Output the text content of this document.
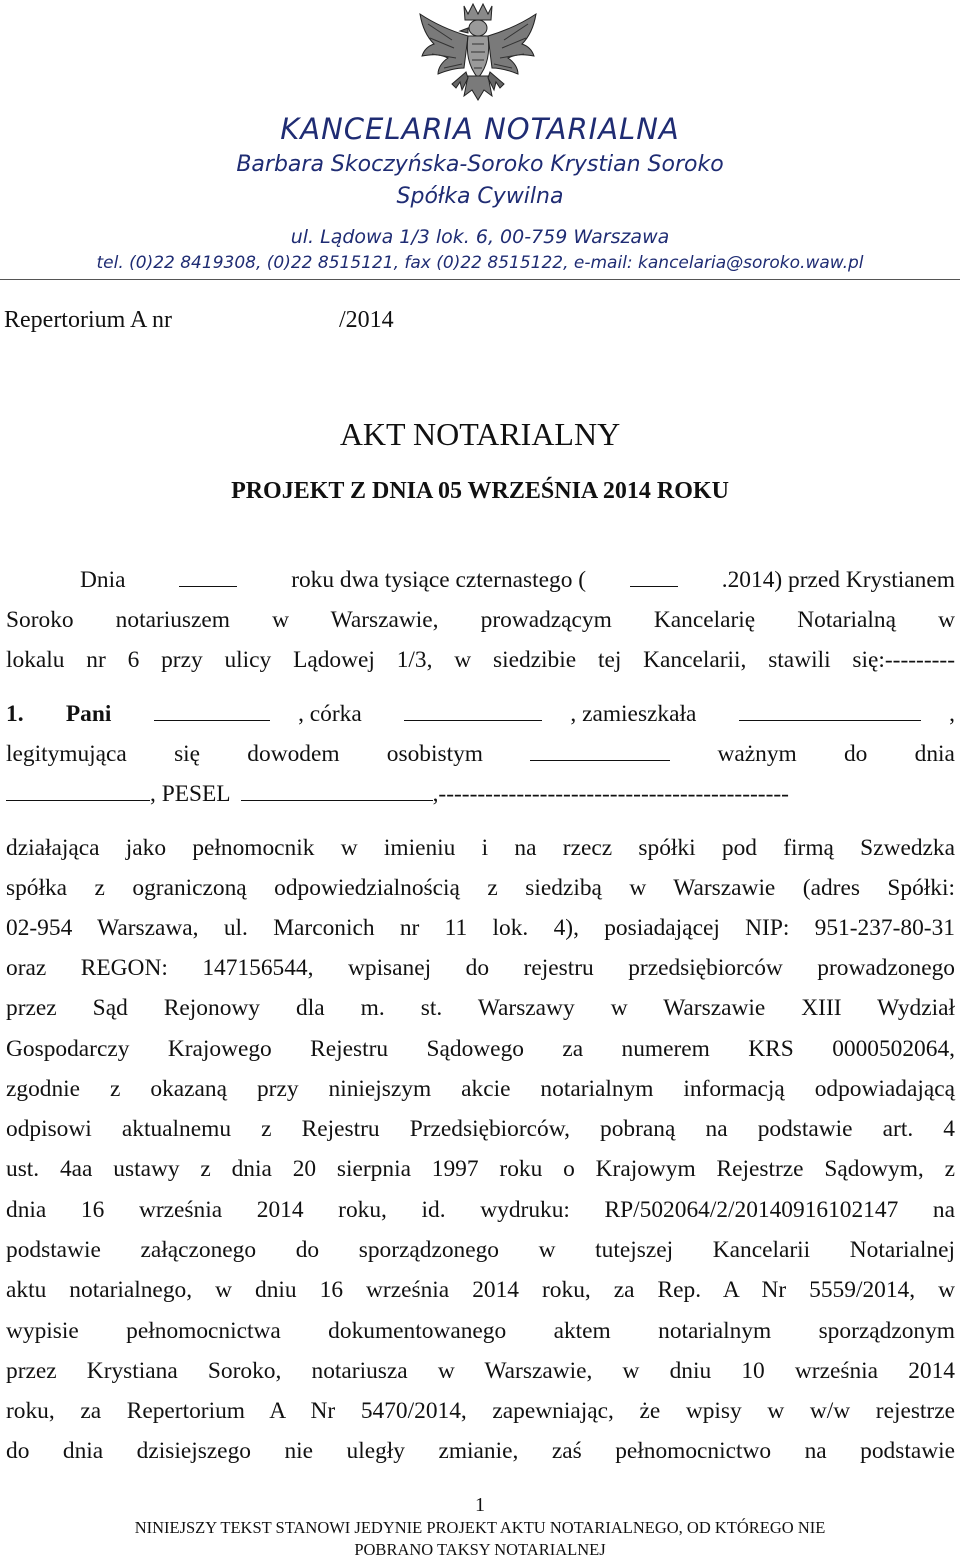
KANCELARIA NOTARIALNA
Barbara Skoczyńska-Soroko Krystian Soroko
Spółka Cywilna
ul. Lądowa 1/3 lok. 6, 00-759 Warszawa
tel. (0)22 8419308, (0)22 8515121, fax (0)22 8515122, e-mail: kancelaria@soroko.waw.pl
Repertorium A nr	/2014
AKT NOTARIALNY
PROJEKT Z DNIA 05 WRZEŚNIA 2014 ROKU
Dnia	roku dwa tysiące czternastego (	.2014) przed Krystianem
Soroko notariuszem w Warszawie, prowadzącym Kancelarię Notarialną w
lokalu nr 6 przy ulicy Lądowej 1/3, w siedzibie tej Kancelarii, stawili się:---------
1. Pani	, córka	, zamieszkała	,
legitymująca się dowodem osobistym	ważnym do dnia
, PESEL	,---------------------------------------------
działająca jako pełnomocnik w imieniu i na rzecz spółki pod firmą Szwedzka
spółka z ograniczoną odpowiedzialnością z siedzibą w Warszawie (adres Spółki:
02-954 Warszawa, ul. Marconich nr 11 lok. 4), posiadającej NIP: 951-237-80-31
oraz REGON: 147156544, wpisanej do rejestru przedsiębiorców prowadzonego
przez Sąd Rejonowy dla m. st. Warszawy w Warszawie XIII Wydział
Gospodarczy Krajowego Rejestru Sądowego za numerem KRS 0000502064,
zgodnie z okazaną przy niniejszym akcie notarialnym informacją odpowiadającą
odpisowi aktualnemu z Rejestru Przedsiębiorców, pobraną na podstawie art. 4
ust. 4aa ustawy z dnia 20 sierpnia 1997 roku o Krajowym Rejestrze Sądowym, z
dnia 16 września 2014 roku, id. wydruku: RP/502064/2/20140916102147 na
podstawie załączonego do sporządzonego w tutejszej Kancelarii Notarialnej
aktu notarialnego, w dniu 16 września 2014 roku, za Rep. A Nr 5559/2014, w
wypisie pełnomocnictwa dokumentowanego aktem notarialnym sporządzonym
przez Krystiana Soroko, notariusza w Warszawie, w dniu 10 września 2014
roku, za Repertorium A Nr 5470/2014, zapewniając, że wpisy w w/w rejestrze
do dnia dzisiejszego nie uległy zmianie, zaś pełnomocnictwo na podstawie
1
NINIEJSZY TEKST STANOWI JEDYNIE PROJEKT AKTU NOTARIALNEGO, OD KTÓREGO NIE
POBRANO TAKSY NOTARIALNEJ
